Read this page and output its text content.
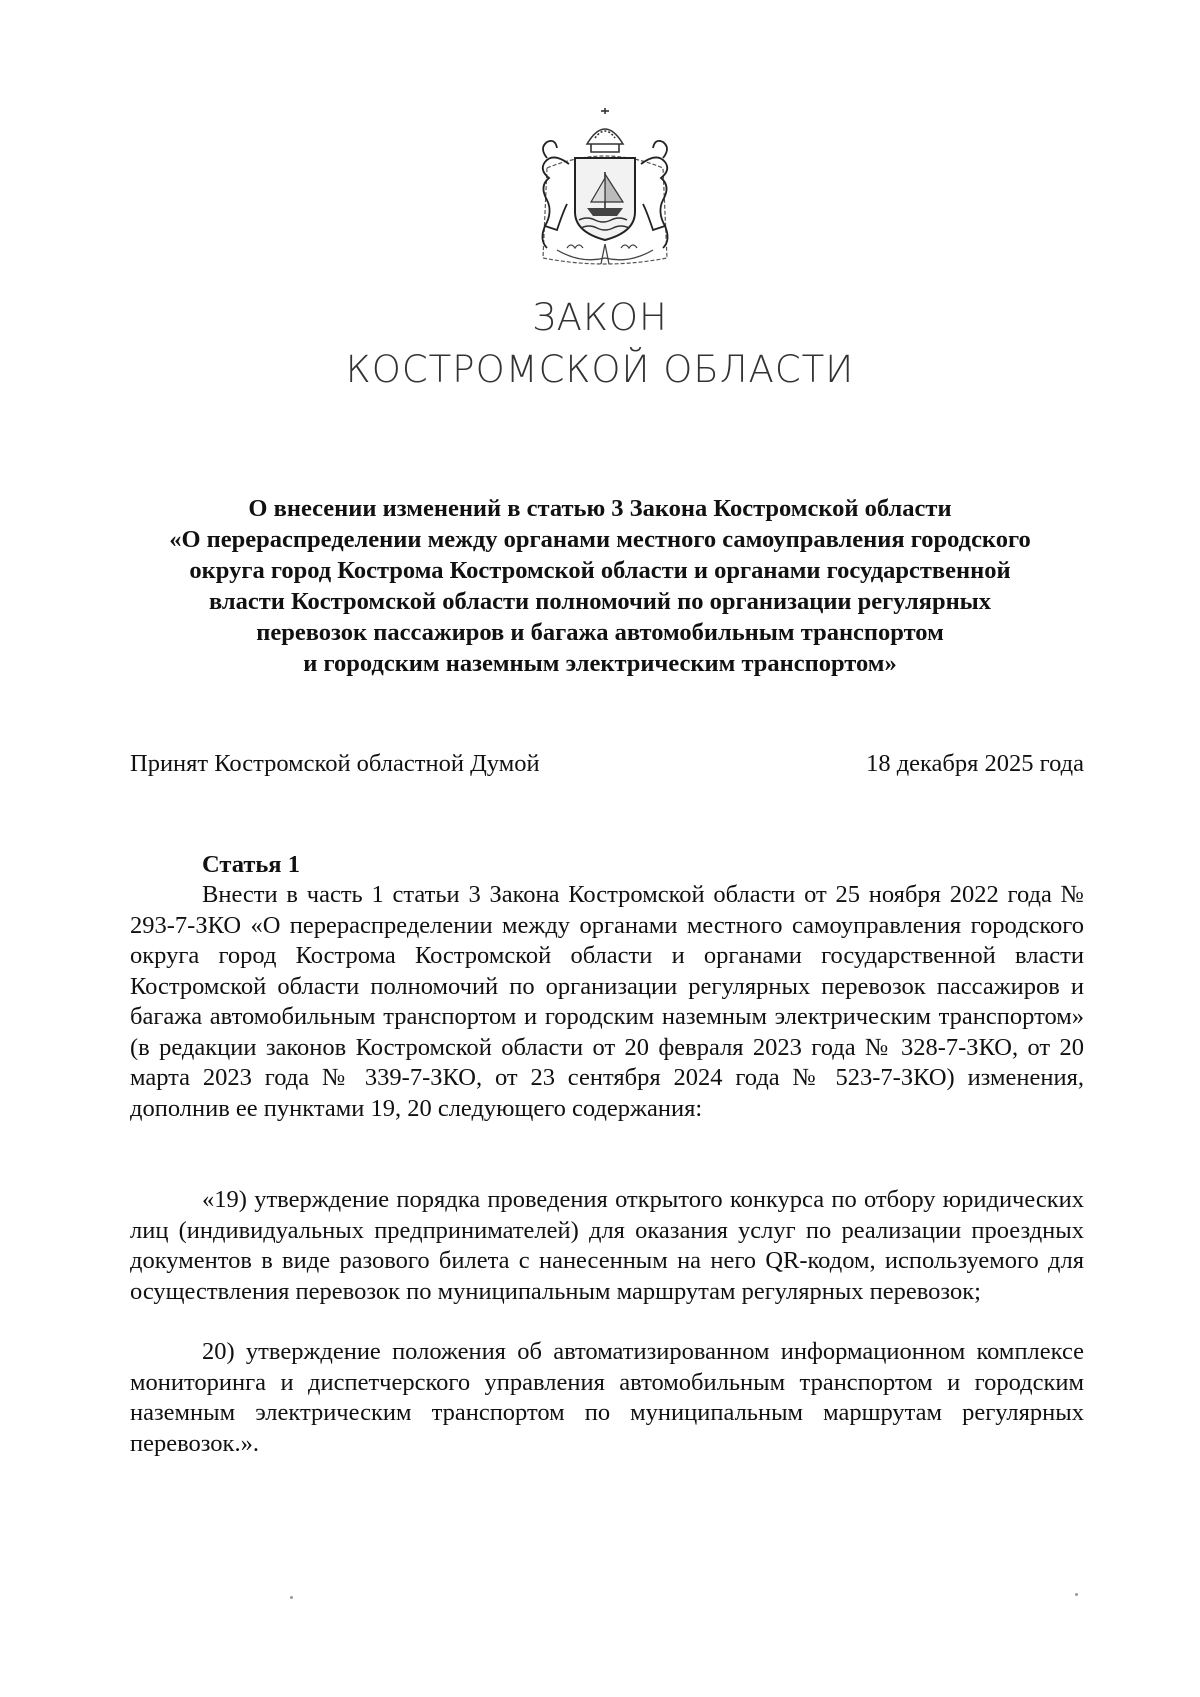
ЗАКОН
КОСТРОМСКОЙ ОБЛАСТИ
О внесении изменений в статью 3 Закона Костромской области
«О перераспределении между органами местного самоуправления городского
округа город Кострома Костромской области и органами государственной
власти Костромской области полномочий по организации регулярных
перевозок пассажиров и багажа автомобильным транспортом
и городским наземным электрическим транспортом»
Принят Костромской областной Думой	18 декабря 2025 года
Статья 1
Внести в часть 1 статьи 3 Закона Костромской области от 25 ноября 2022 года № 293-7-ЗКО «О перераспределении между органами местного самоуправления городского округа город Кострома Костромской области и органами государственной власти Костромской области полномочий по организации регулярных перевозок пассажиров и багажа автомобильным транспортом и городским наземным электрическим транспортом» (в редакции законов Костромской области от 20 февраля 2023 года № 328-7-ЗКО, от 20 марта 2023 года № 339-7-ЗКО, от 23 сентября 2024 года № 523-7-ЗКО) изменения, дополнив ее пунктами 19, 20 следующего содержания:
«19) утверждение порядка проведения открытого конкурса по отбору юридических лиц (индивидуальных предпринимателей) для оказания услуг по реализации проездных документов в виде разового билета с нанесенным на него QR-кодом, используемого для осуществления перевозок по муниципальным маршрутам регулярных перевозок;
20) утверждение положения об автоматизированном информационном комплексе мониторинга и диспетчерского управления автомобильным транспортом и городским наземным электрическим транспортом по муниципальным маршрутам регулярных перевозок.».
